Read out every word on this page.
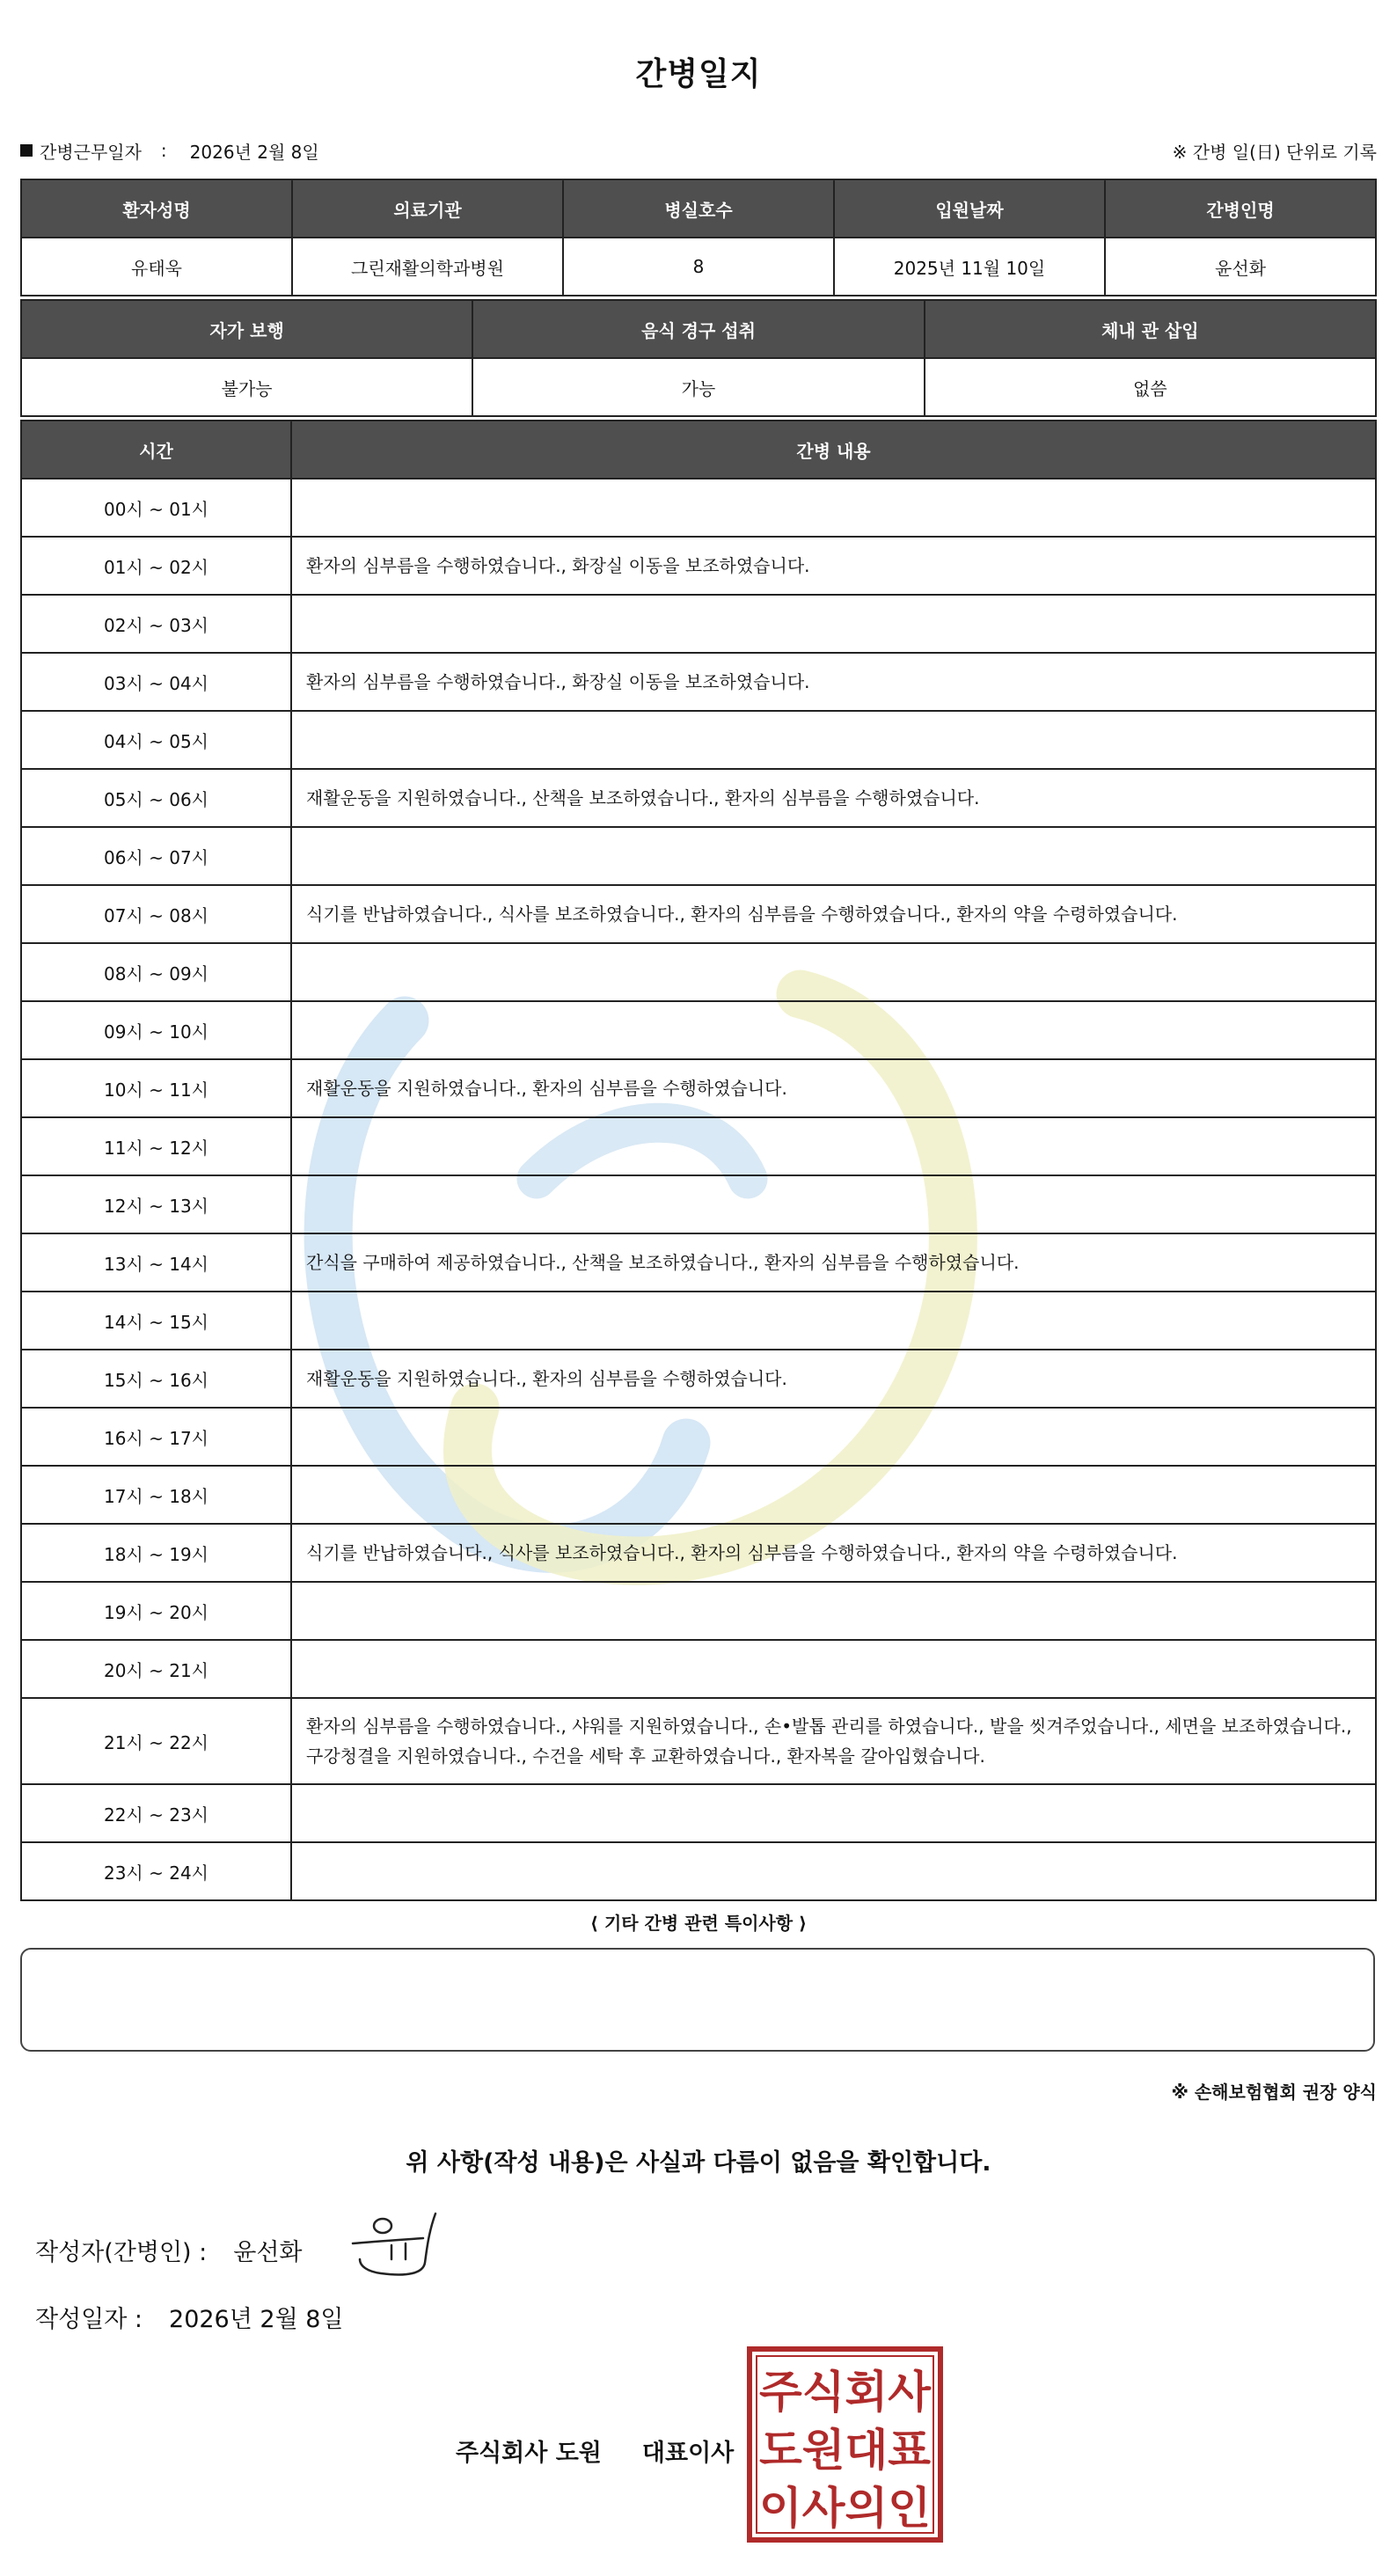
간병일지
간병근무일자 : 2026년 2월 8일	※ 간병 일(日) 단위로 기록
환자성명	의료기관	병실호수	입원날짜	간병인명
유태욱	그린재활의학과병원	8	2025년 11월 10일	윤선화
자가 보행	음식 경구 섭취	체내 관 삽입
불가능	가능	없씀
시간	간병 내용
00시 ~ 01시	
01시 ~ 02시	환자의 심부름을 수행하였습니다., 화장실 이동을 보조하였습니다.
02시 ~ 03시	
03시 ~ 04시	환자의 심부름을 수행하였습니다., 화장실 이동을 보조하였습니다.
04시 ~ 05시	
05시 ~ 06시	재활운동을 지원하였습니다., 산책을 보조하였습니다., 환자의 심부름을 수행하였습니다.
06시 ~ 07시	
07시 ~ 08시	식기를 반납하였습니다., 식사를 보조하였습니다., 환자의 심부름을 수행하였습니다., 환자의 약을 수령하였습니다.
08시 ~ 09시	
09시 ~ 10시	
10시 ~ 11시	재활운동을 지원하였습니다., 환자의 심부름을 수행하였습니다.
11시 ~ 12시	
12시 ~ 13시	
13시 ~ 14시	간식을 구매하여 제공하였습니다., 산책을 보조하였습니다., 환자의 심부름을 수행하였습니다.
14시 ~ 15시	
15시 ~ 16시	재활운동을 지원하였습니다., 환자의 심부름을 수행하였습니다.
16시 ~ 17시	
17시 ~ 18시	
18시 ~ 19시	식기를 반납하였습니다., 식사를 보조하였습니다., 환자의 심부름을 수행하였습니다., 환자의 약을 수령하였습니다.
19시 ~ 20시	
20시 ~ 21시	
21시 ~ 22시	환자의 심부름을 수행하였습니다., 샤워를 지원하였습니다., 손•발톱 관리를 하였습니다., 발을 씻겨주었습니다., 세면을 보조하였습니다., 구강청결을 지원하였습니다., 수건을 세탁 후 교환하였습니다., 환자복을 갈아입혔습니다.
22시 ~ 23시	
23시 ~ 24시	
⟨ 기타 간병 관련 특이사항 ⟩
※ 손해보험협회 권장 양식
위 사항(작성 내용)은 사실과 다름이 없음을 확인합니다.
작성자(간병인) : 윤선화
작성일자 : 2026년 2월 8일
주식회사 도원 대표이사
주식회사
도원대표
이사의인
